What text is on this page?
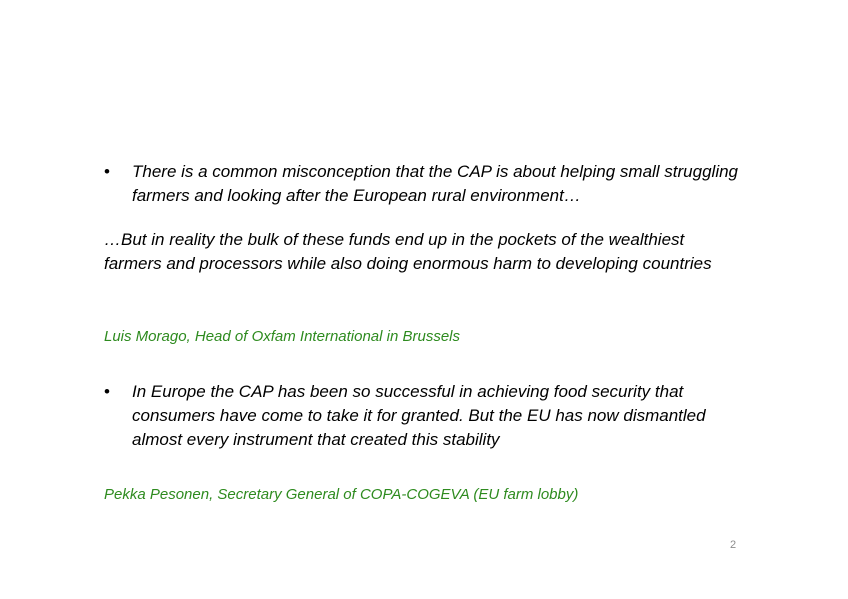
• There is a common misconception that the CAP is about helping small struggling farmers and looking after the European rural environment…
…But in reality the bulk of these funds end up in the pockets of the wealthiest farmers and processors while also doing enormous harm to developing countries
Luis Morago, Head of Oxfam International in Brussels
• In Europe the CAP has been so successful in achieving food security that consumers have come to take it for granted. But the EU has now dismantled almost every instrument that created this stability
Pekka Pesonen, Secretary General of COPA-COGEVA (EU farm lobby)
2
